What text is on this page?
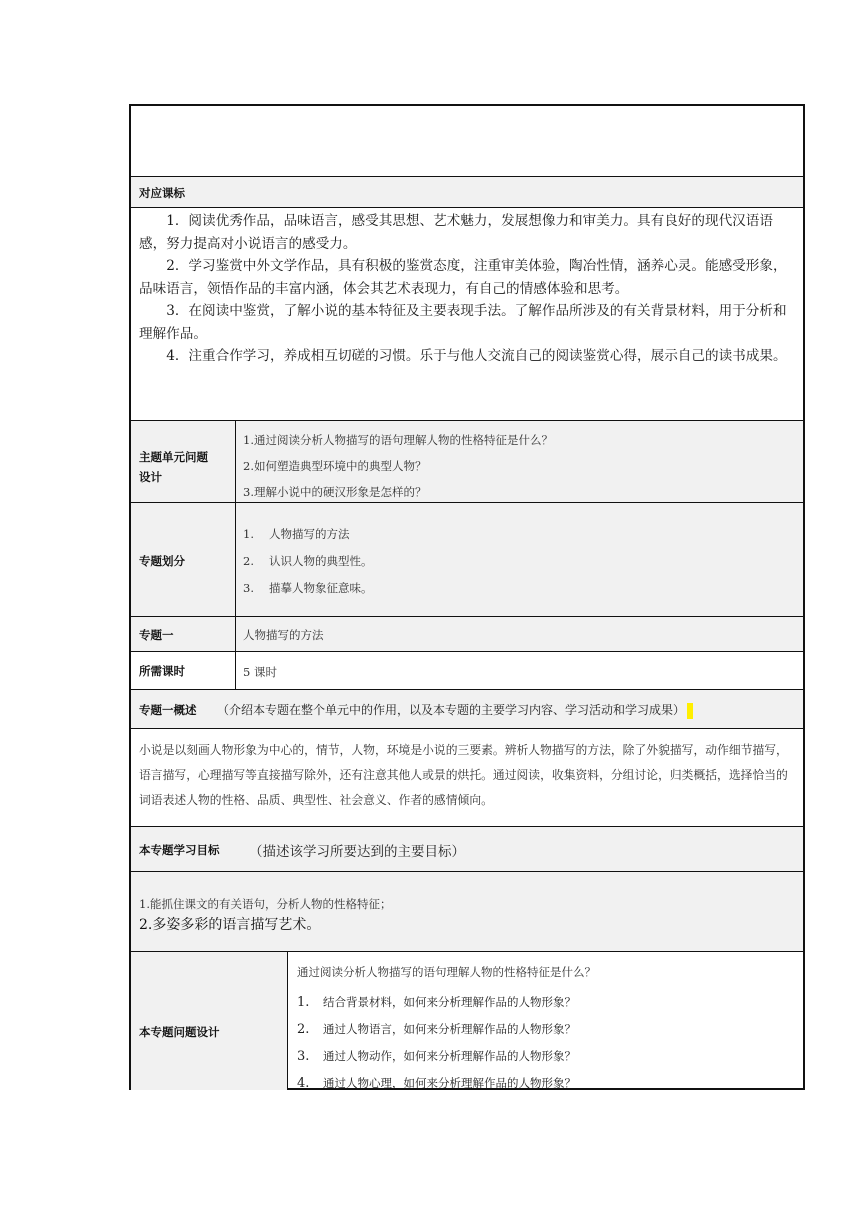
对应课标

1．阅读优秀作品，品味语言，感受其思想、艺术魅力，发展想像力和审美力。具有良好的现代汉语语感，努力提高对小说语言的感受力。

2．学习鉴赏中外文学作品，具有积极的鉴赏态度，注重审美体验，陶冶性情，涵养心灵。能感受形象，品味语言，领悟作品的丰富内涵，体会其艺术表现力，有自己的情感体验和思考。

3．在阅读中鉴赏，了解小说的基本特征及主要表现手法。了解作品所涉及的有关背景材料，用于分析和理解作品。

4．注重合作学习，养成相互切磋的习惯。乐于与他人交流自己的阅读鉴赏心得，展示自己的读书成果。

主题单元问题
设计
1.通过阅读分析人物描写的语句理解人物的性格特征是什么？
2.如何塑造典型环境中的典型人物？
3.理解小说中的硬汉形象是怎样的？
专题划分
1. 人物描写的方法
2. 认识人物的典型性。
3. 描摹人物象征意味。
专题一	人物描写的方法
所需课时	5 课时
专题一概述 （介绍本专题在整个单元中的作用，以及本专题的主要学习内容、学习活动和学习成果）
小说是以刻画人物形象为中心的，情节，人物，环境是小说的三要素。辨析人物描写的方法，除了外貌描写，动作细节描写，语言描写，心理描写等直接描写除外，还有注意其他人或景的烘托。通过阅读，收集资料，分组讨论，归类概括，选择恰当的词语表述人物的性格、品质、典型性、社会意义、作者的感情倾向。
本专题学习目标 （描述该学习所要达到的主要目标）
1.能抓住课文的有关语句，分析人物的性格特征；
2.多姿多彩的语言描写艺术。
本专题问题设计
通过阅读分析人物描写的语句理解人物的性格特征是什么？
1. 结合背景材料，如何来分析理解作品的人物形象？
2. 通过人物语言，如何来分析理解作品的人物形象？
3. 通过人物动作，如何来分析理解作品的人物形象？
4. 通过人物心理，如何来分析理解作品的人物形象？
